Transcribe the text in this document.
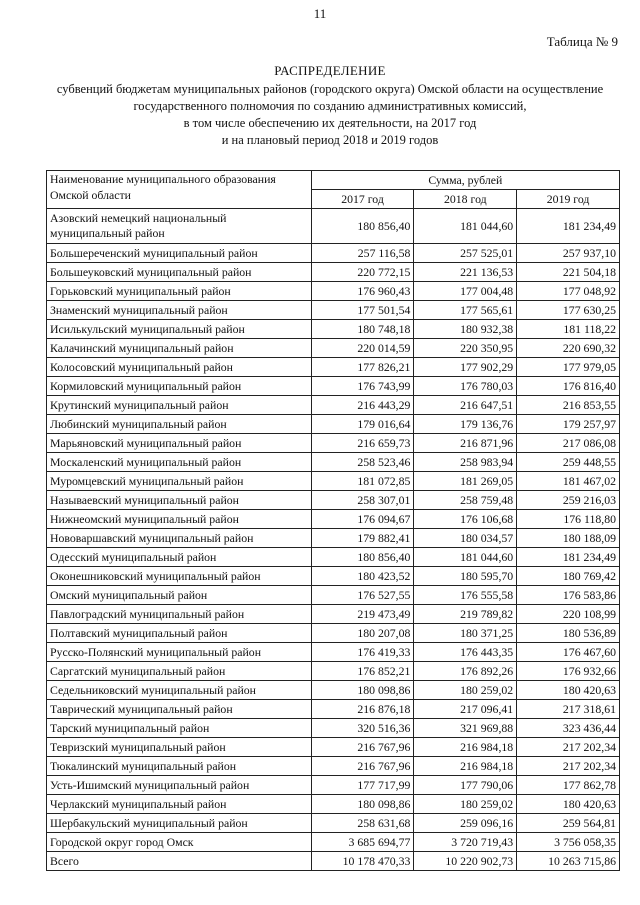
11
Таблица № 9
РАСПРЕДЕЛЕНИЕ
субвенций бюджетам муниципальных районов (городского округа) Омской области на осуществление
государственного полномочия по созданию административных комиссий,
в том числе обеспечению их деятельности, на 2017 год
и на плановый период 2018 и 2019 годов
Наименование муниципального образования Омской области	Сумма, рублей		
	2017 год	2018 год	2019 год
Азовский немецкий национальный муниципальный район	180 856,40	181 044,60	181 234,49
Большереченский муниципальный район	257 116,58	257 525,01	257 937,10
Большеуковский муниципальный район	220 772,15	221 136,53	221 504,18
Горьковский муниципальный район	176 960,43	177 004,48	177 048,92
Знаменский муниципальный район	177 501,54	177 565,61	177 630,25
Исилькульский муниципальный район	180 748,18	180 932,38	181 118,22
Калачинский муниципальный район	220 014,59	220 350,95	220 690,32
Колосовский муниципальный район	177 826,21	177 902,29	177 979,05
Кормиловский муниципальный район	176 743,99	176 780,03	176 816,40
Крутинский муниципальный район	216 443,29	216 647,51	216 853,55
Любинский муниципальный район	179 016,64	179 136,76	179 257,97
Марьяновский муниципальный район	216 659,73	216 871,96	217 086,08
Москаленский муниципальный район	258 523,46	258 983,94	259 448,55
Муромцевский муниципальный район	181 072,85	181 269,05	181 467,02
Называевский муниципальный район	258 307,01	258 759,48	259 216,03
Нижнеомский муниципальный район	176 094,67	176 106,68	176 118,80
Нововаршавский муниципальный район	179 882,41	180 034,57	180 188,09
Одесский муниципальный район	180 856,40	181 044,60	181 234,49
Оконешниковский муниципальный район	180 423,52	180 595,70	180 769,42
Омский муниципальный район	176 527,55	176 555,58	176 583,86
Павлоградский муниципальный район	219 473,49	219 789,82	220 108,99
Полтавский муниципальный район	180 207,08	180 371,25	180 536,89
Русско-Полянский муниципальный район	176 419,33	176 443,35	176 467,60
Саргатский муниципальный район	176 852,21	176 892,26	176 932,66
Седельниковский муниципальный район	180 098,86	180 259,02	180 420,63
Таврический муниципальный район	216 876,18	217 096,41	217 318,61
Тарский муниципальный район	320 516,36	321 969,88	323 436,44
Тевризский муниципальный район	216 767,96	216 984,18	217 202,34
Тюкалинский муниципальный район	216 767,96	216 984,18	217 202,34
Усть-Ишимский муниципальный район	177 717,99	177 790,06	177 862,78
Черлакский муниципальный район	180 098,86	180 259,02	180 420,63
Шербакульский муниципальный район	258 631,68	259 096,16	259 564,81
Городской округ город Омск	3 685 694,77	3 720 719,43	3 756 058,35
Всего	10 178 470,33	10 220 902,73	10 263 715,86
